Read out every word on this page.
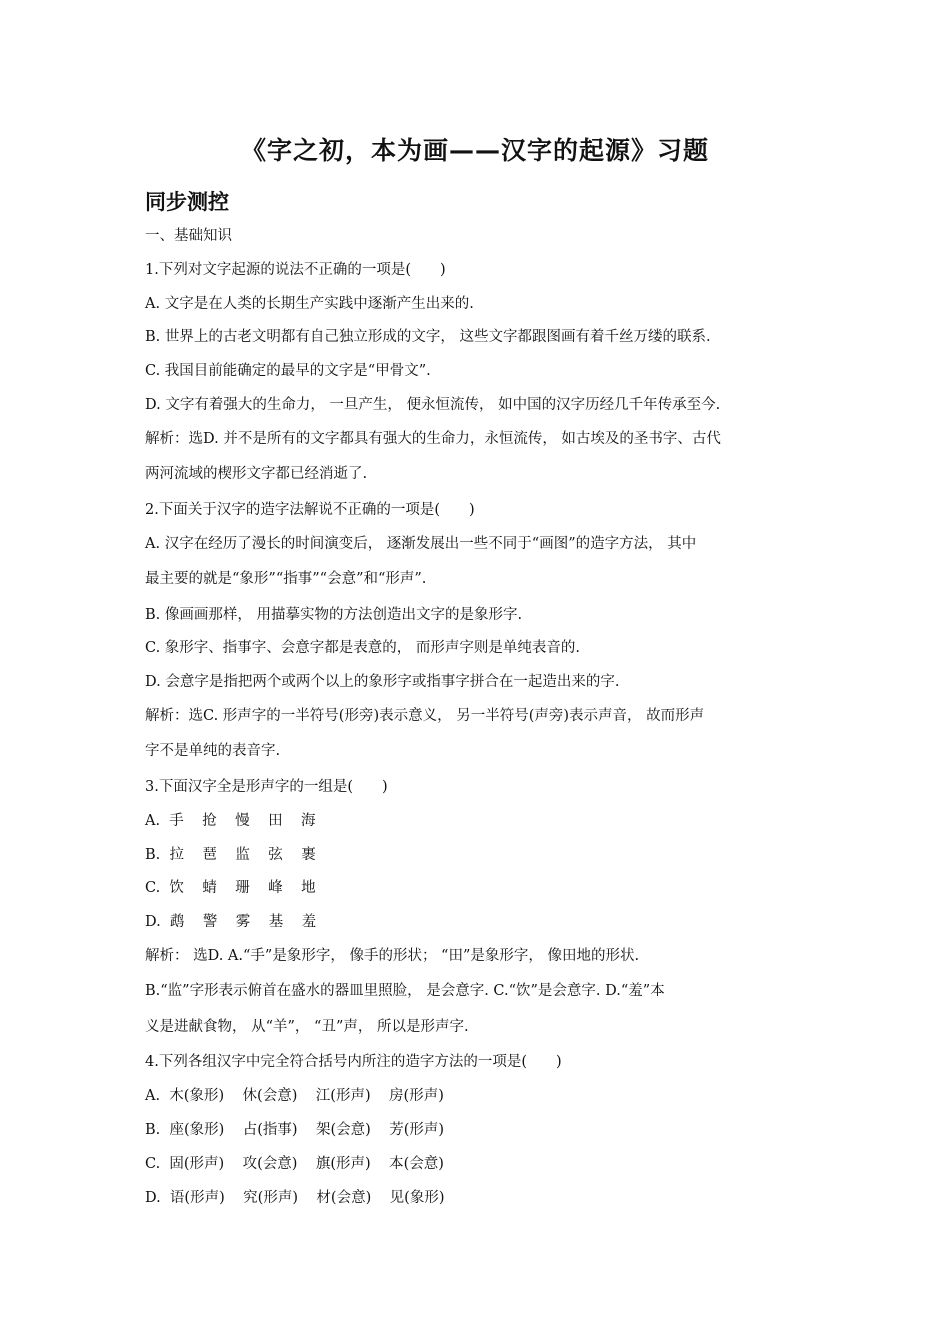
《字之初，本为画——汉字的起源》习题
同步测控
一、基础知识
1.下列对文字起源的说法不正确的一项是(　　)
A. 文字是在人类的长期生产实践中逐渐产生出来的.
B. 世界上的古老文明都有自己独立形成的文字， 这些文字都跟图画有着千丝万缕的联系.
C. 我国目前能确定的最早的文字是“甲骨文”.
D. 文字有着强大的生命力， 一旦产生， 便永恒流传， 如中国的汉字历经几千年传承至今.
解析：选D. 并不是所有的文字都具有强大的生命力，永恒流传， 如古埃及的圣书字、古代
两河流域的楔形文字都已经消逝了.
2.下面关于汉字的造字法解说不正确的一项是(　　)
A. 汉字在经历了漫长的时间演变后， 逐渐发展出一些不同于“画图”的造字方法， 其中
最主要的就是“象形”“指事”“会意”和“形声”.
B. 像画画那样， 用描摹实物的方法创造出文字的是象形字.
C. 象形字、指事字、会意字都是表意的， 而形声字则是单纯表音的.
D. 会意字是指把两个或两个以上的象形字或指事字拼合在一起造出来的字.
解析：选C. 形声字的一半符号(形旁)表示意义， 另一半符号(声旁)表示声音， 故而形声
字不是单纯的表音字.
3.下面汉字全是形声字的一组是(　　)
A.  手    抢    慢    田    海
B.  拉    琶    监    弦    裹
C.  饮    蜻    珊    峰    地
D.  鹉    警    雾    基    羞
解析： 选D. A.“手”是象形字， 像手的形状； “田”是象形字， 像田地的形状.
B.“监”字形表示俯首在盛水的器皿里照脸， 是会意字. C.“饮”是会意字. D.“羞”本
义是进献食物， 从“羊”， “丑”声， 所以是形声字.
4.下列各组汉字中完全符合括号内所注的造字方法的一项是(　　)
A.  木(象形)    休(会意)    江(形声)    房(形声)
B.  座(象形)    占(指事)    架(会意)    芳(形声)
C.  固(形声)    攻(会意)    旗(形声)    本(会意)
D.  语(形声)    究(形声)    材(会意)    见(象形)
